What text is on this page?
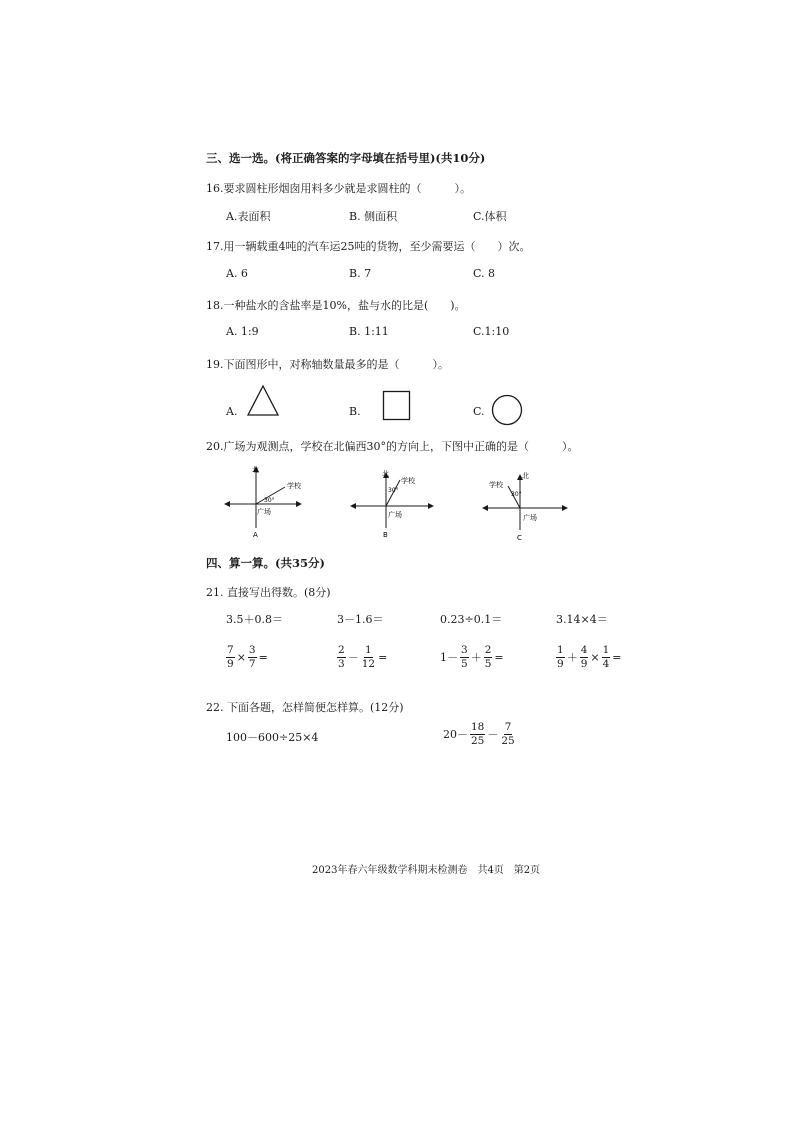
三、选一选。(将正确答案的字母填在括号里)(共10分)
16.要求圆柱形烟囱用料多少就是求圆柱的（　　　）。
A.表面积	B. 侧面积	C.体积
17.用一辆载重4吨的汽车运25吨的货物，至少需要运（　　）次。
A. 6	B. 7	C. 8
18.一种盐水的含盐率是10%，盐与水的比是(　　)。
A. 1:9	B. 1:11	C.1:10
19.下面图形中，对称轴数量最多的是（　　　）。
A.	B.	C.
20.广场为观测点，学校在北偏西30°的方向上，下图中正确的是（　　　）。
北
学校
30°
广场
A
北
学校
30°
广场
B
北
学校
30°
广场
C
四、算一算。(共35分)
21. 直接写出得数。(8分)
3.5＋0.8＝	3－1.6＝	0.23÷0.1＝	3.14×4＝
$\frac{7}{9} \times \frac{3}{7}$ =	$\frac{2}{3} - \frac{1}{12}$ =	$1- \frac{3}{5} + \frac{2}{5}$ =	$\frac{1}{9} + \frac{4}{9} \times \frac{1}{4}$ =
22. 下面各题，怎样简便怎样算。(12分)
100－600÷25×4	$20- \frac{18}{25} - \frac{7}{25}$
2023年春六年级数学科期末检测卷　共4页　第2页
